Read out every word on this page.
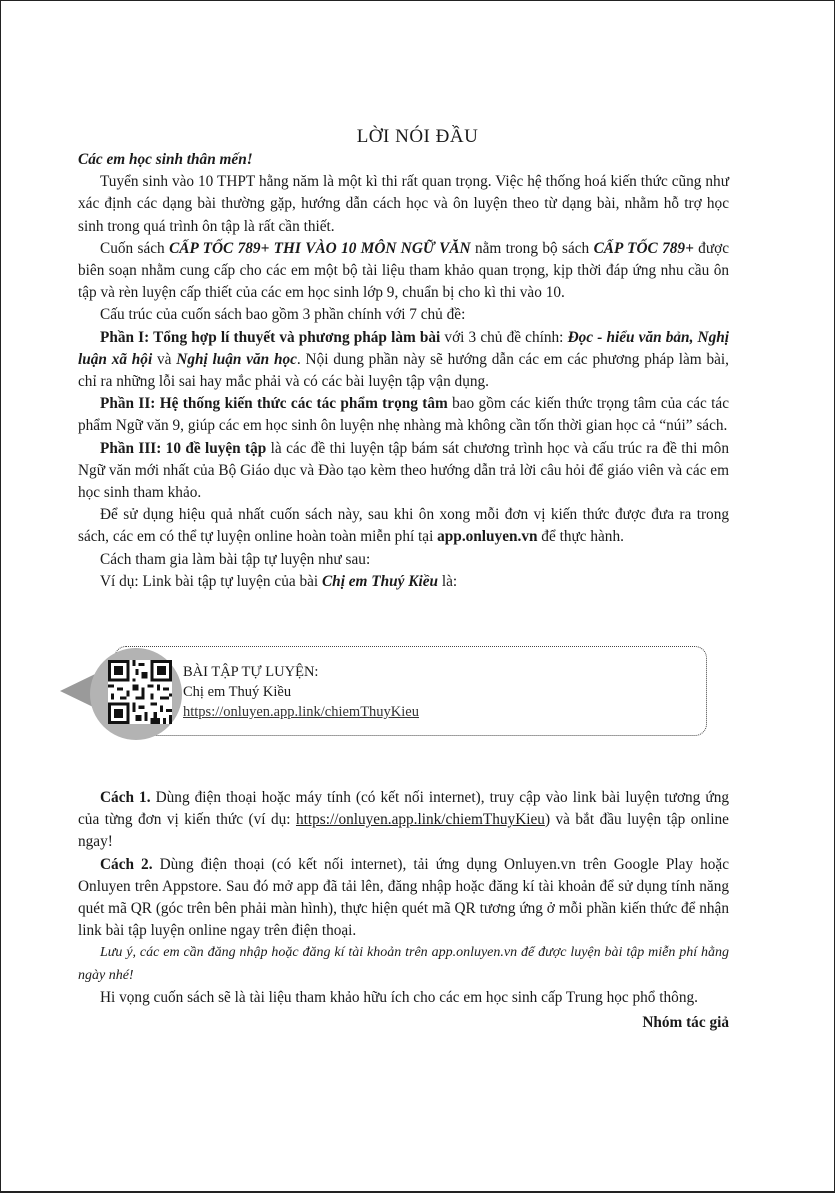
LỜI NÓI ĐẦU

Các em học sinh thân mến!

Tuyển sinh vào 10 THPT hằng năm là một kì thi rất quan trọng. Việc hệ thống hoá kiến thức cũng như xác định các dạng bài thường gặp, hướng dẫn cách học và ôn luyện theo từ dạng bài, nhằm hỗ trợ học sinh trong quá trình ôn tập là rất cần thiết.

Cuốn sách CẤP TỐC 789+ THI VÀO 10 MÔN NGỮ VĂN nằm trong bộ sách CẤP TỐC 789+ được biên soạn nhằm cung cấp cho các em một bộ tài liệu tham khảo quan trọng, kịp thời đáp ứng nhu cầu ôn tập và rèn luyện cấp thiết của các em học sinh lớp 9, chuẩn bị cho kì thi vào 10.

Cấu trúc của cuốn sách bao gồm 3 phần chính với 7 chủ đề:

Phần I: Tổng hợp lí thuyết và phương pháp làm bài với 3 chủ đề chính: Đọc - hiểu văn bản, Nghị luận xã hội và Nghị luận văn học. Nội dung phần này sẽ hướng dẫn các em các phương pháp làm bài, chỉ ra những lỗi sai hay mắc phải và có các bài luyện tập vận dụng.

Phần II: Hệ thống kiến thức các tác phẩm trọng tâm bao gồm các kiến thức trọng tâm của các tác phẩm Ngữ văn 9, giúp các em học sinh ôn luyện nhẹ nhàng mà không cần tốn thời gian học cả “núi” sách.

Phần III: 10 đề luyện tập là các đề thi luyện tập bám sát chương trình học và cấu trúc ra đề thi môn Ngữ văn mới nhất của Bộ Giáo dục và Đào tạo kèm theo hướng dẫn trả lời câu hỏi để giáo viên và các em học sinh tham khảo.

Để sử dụng hiệu quả nhất cuốn sách này, sau khi ôn xong mỗi đơn vị kiến thức được đưa ra trong sách, các em có thể tự luyện online hoàn toàn miễn phí tại app.onluyen.vn để thực hành.

Cách tham gia làm bài tập tự luyện như sau:

Ví dụ: Link bài tập tự luyện của bài Chị em Thuý Kiều là:

BÀI TẬP TỰ LUYỆN:
Chị em Thuý Kiều
https://onluyen.app.link/chiemThuyKieu

Cách 1. Dùng điện thoại hoặc máy tính (có kết nối internet), truy cập vào link bài luyện tương ứng của từng đơn vị kiến thức (ví dụ: https://onluyen.app.link/chiemThuyKieu) và bắt đầu luyện tập online ngay!

Cách 2. Dùng điện thoại (có kết nối internet), tải ứng dụng Onluyen.vn trên Google Play hoặc Onluyen trên Appstore. Sau đó mở app đã tải lên, đăng nhập hoặc đăng kí tài khoản để sử dụng tính năng quét mã QR (góc trên bên phải màn hình), thực hiện quét mã QR tương ứng ở mỗi phần kiến thức để nhận link bài tập luyện online ngay trên điện thoại.

Lưu ý, các em cần đăng nhập hoặc đăng kí tài khoản trên app.onluyen.vn để được luyện bài tập miễn phí hằng ngày nhé!

Hi vọng cuốn sách sẽ là tài liệu tham khảo hữu ích cho các em học sinh cấp Trung học phổ thông.

Nhóm tác giả
